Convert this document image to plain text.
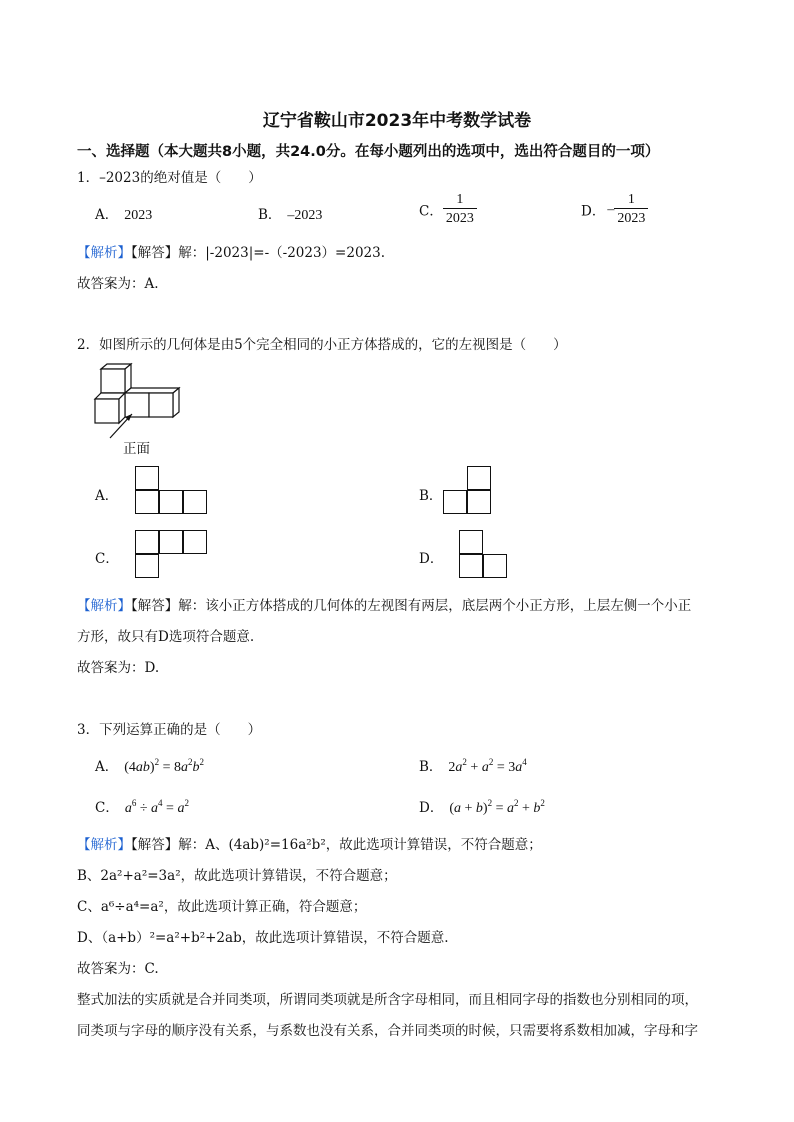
辽宁省鞍山市2023年中考数学试卷
一、选择题（本大题共8小题，共24.0分。在每小题列出的选项中，选出符合题目的一项）
1．–2023的绝对值是（　　）
A． 2023	B． –2023	C． $\frac{1}{2023}$	D． – $\frac{1}{2023}$
【解析】【解答】解：|-2023|=-（-2023）=2023.
故答案为：A.
2．如图所示的几何体是由5个完全相同的小正方体搭成的，它的左视图是（　　）
正面
A．	B．
C．	D．
【解析】【解答】解：该小正方体搭成的几何体的左视图有两层，底层两个小正方形，上层左侧一个小正
方形，故只有D选项符合题意.
故答案为：D.
3．下列运算正确的是（　　）
A． $(4ab)^2 = 8a^2b^2$	B． $2a^2 + a^2 = 3a^4$
C． $a^6 \div a^4 = a^2$	D． $(a + b)^2 = a^2 + b^2$
【解析】【解答】解：A、(4ab)²=16a²b²，故此选项计算错误，不符合题意；
B、2a²+a²=3a²，故此选项计算错误，不符合题意；
C、a⁶÷a⁴=a²，故此选项计算正确，符合题意；
D、（a+b）²=a²+b²+2ab，故此选项计算错误，不符合题意.
故答案为：C.
整式加法的实质就是合并同类项，所谓同类项就是所含字母相同，而且相同字母的指数也分别相同的项，
同类项与字母的顺序没有关系，与系数也没有关系，合并同类项的时候，只需要将系数相加减，字母和字
